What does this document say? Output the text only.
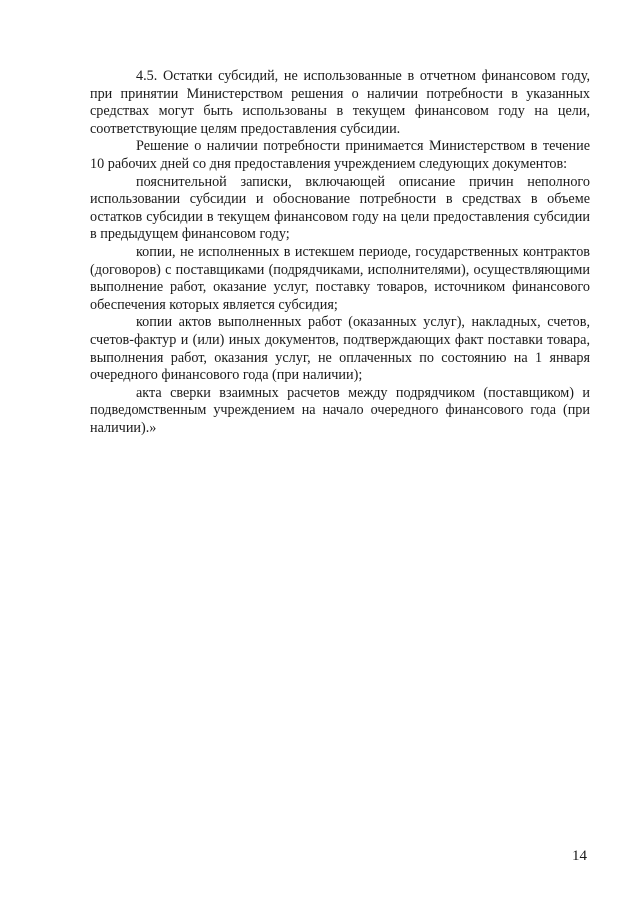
4.5. Остатки субсидий, не использованные в отчетном финансовом году, при принятии Министерством решения о наличии потребности в указанных средствах могут быть использованы в текущем финансовом году на цели, соответствующие целям предоставления субсидии.

Решение о наличии потребности принимается Министерством в течение 10 рабочих дней со дня предоставления учреждением следующих документов:

пояснительной записки, включающей описание причин неполного использовании субсидии и обоснование потребности в средствах в объеме остатков субсидии в текущем финансовом году на цели предоставления субсидии в предыдущем финансовом году;

копии, не исполненных в истекшем периоде, государственных контрактов (договоров) с поставщиками (подрядчиками, исполнителями), осуществляющими выполнение работ, оказание услуг, поставку товаров, источником финансового обеспечения которых является субсидия;

копии актов выполненных работ (оказанных услуг), накладных, счетов, счетов-фактур и (или) иных документов, подтверждающих факт поставки товара, выполнения работ, оказания услуг, не оплаченных по состоянию на 1 января очередного финансового года (при наличии);

акта сверки взаимных расчетов между подрядчиком (поставщиком) и подведомственным учреждением на начало очередного финансового года (при наличии).»

14
